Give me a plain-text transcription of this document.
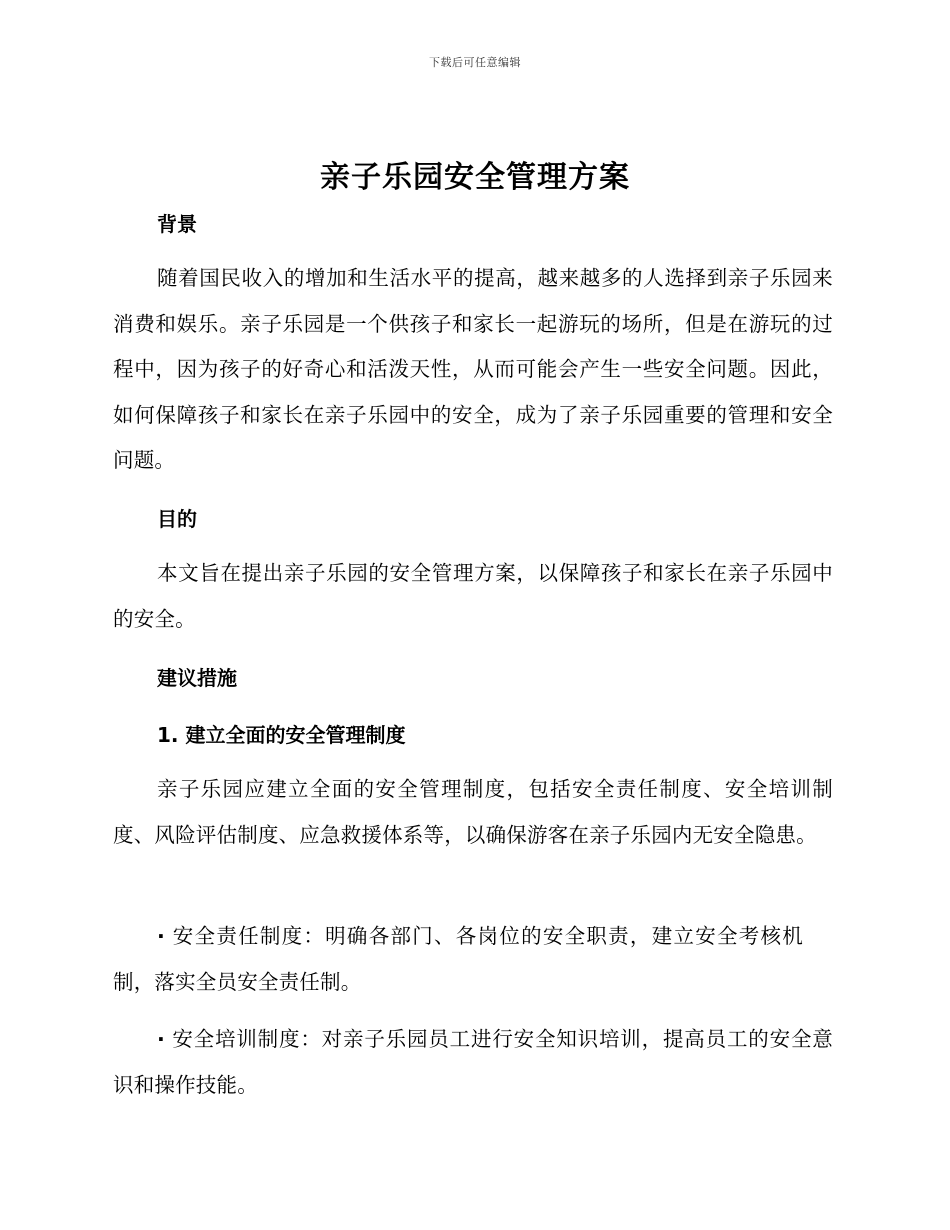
下载后可任意编辑
亲子乐园安全管理方案
背景

随着国民收入的增加和生活水平的提高，越来越多的人选择到亲子乐园来消费和娱乐。亲子乐园是一个供孩子和家长一起游玩的场所，但是在游玩的过程中，因为孩子的好奇心和活泼天性，从而可能会产生一些安全问题。因此，如何保障孩子和家长在亲子乐园中的安全，成为了亲子乐园重要的管理和安全问题。

目的

本文旨在提出亲子乐园的安全管理方案，以保障孩子和家长在亲子乐园中的安全。

建议措施
1. 建立全面的安全管理制度

亲子乐园应建立全面的安全管理制度，包括安全责任制度、安全培训制度、风险评估制度、应急救援体系等，以确保游客在亲子乐园内无安全隐患。

· 安全责任制度：明确各部门、各岗位的安全职责，建立安全考核机制，落实全员安全责任制。

· 安全培训制度：对亲子乐园员工进行安全知识培训，提高员工的安全意识和操作技能。
